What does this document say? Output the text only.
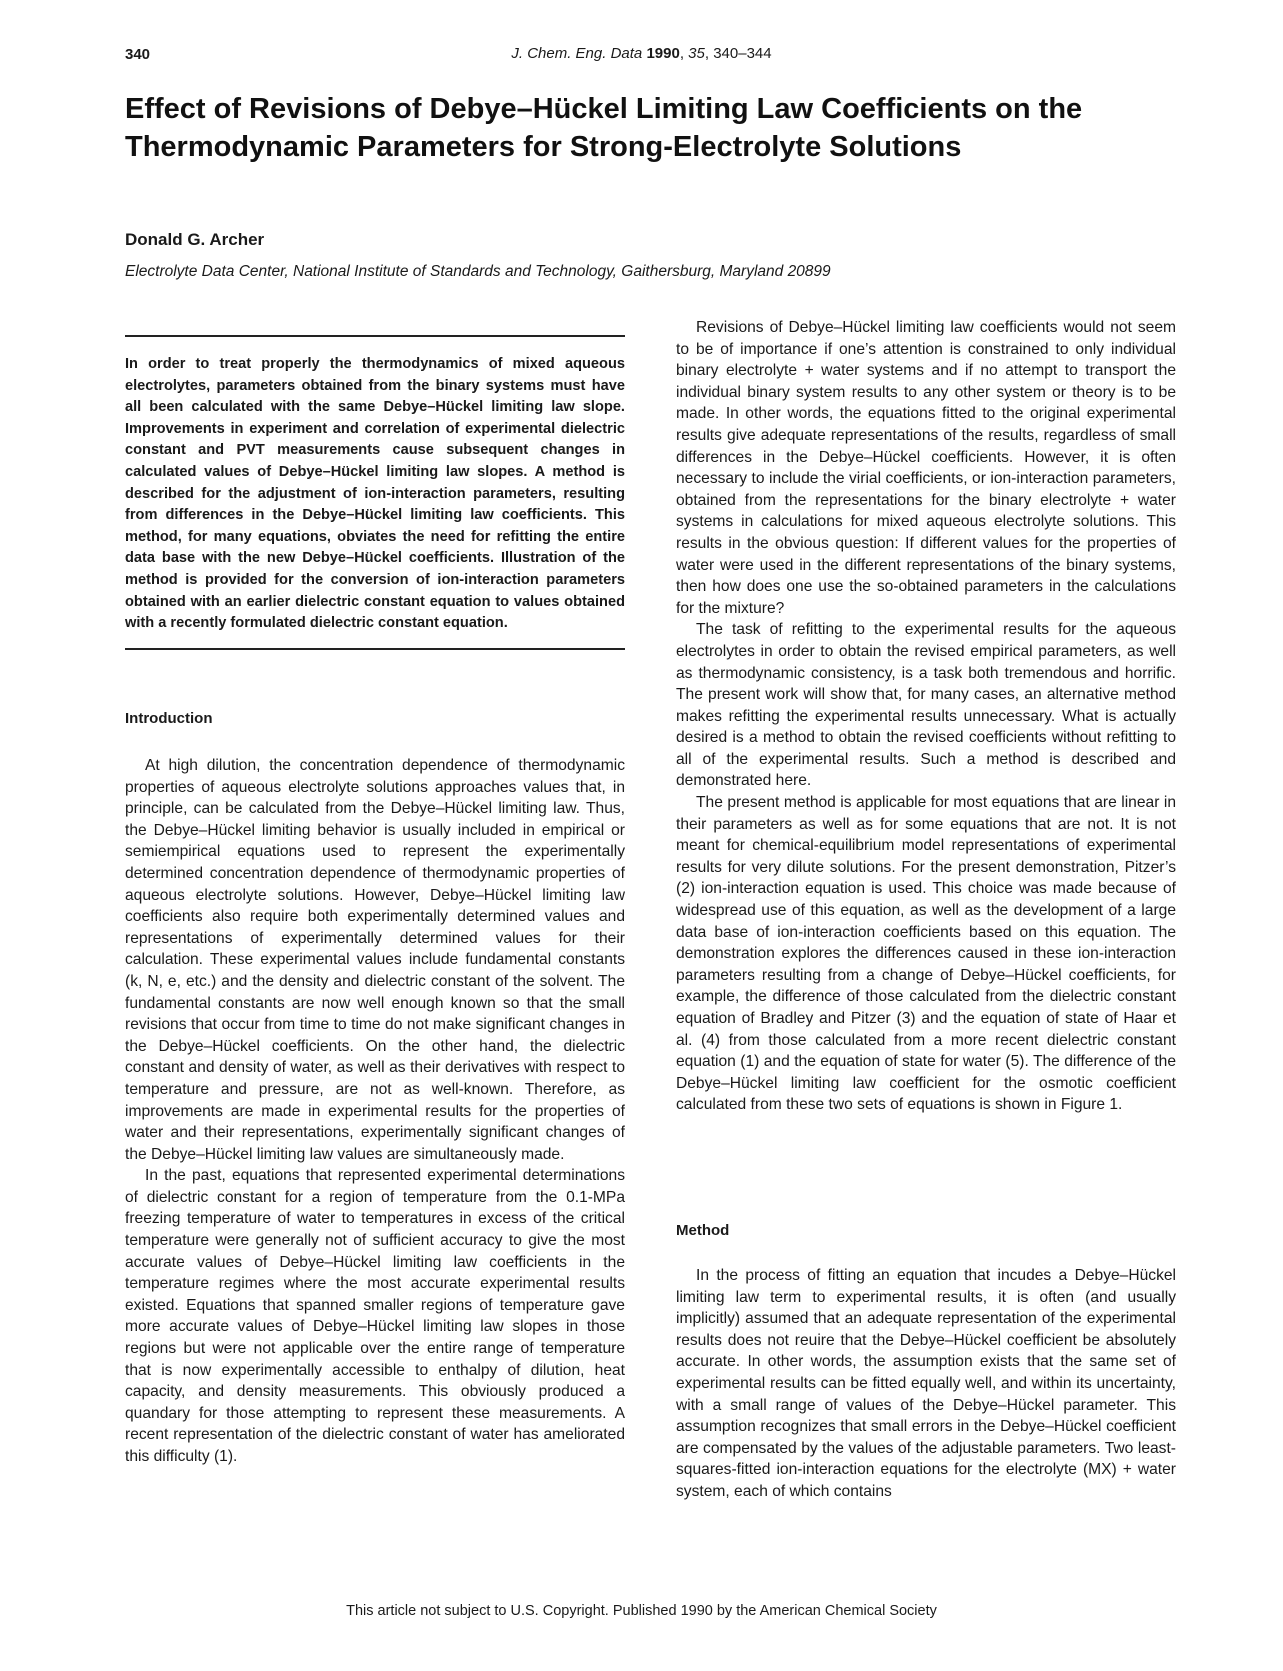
340	J. Chem. Eng. Data 1990, 35, 340–344
Effect of Revisions of Debye–Hückel Limiting Law Coefficients on the Thermodynamic Parameters for Strong-Electrolyte Solutions

Donald G. Archer

Electrolyte Data Center, National Institute of Standards and Technology, Gaithersburg, Maryland 20899

In order to treat properly the thermodynamics of mixed aqueous electrolytes, parameters obtained from the binary systems must have all been calculated with the same Debye–Hückel limiting law slope. Improvements in experiment and correlation of experimental dielectric constant and PVT measurements cause subsequent changes in calculated values of Debye–Hückel limiting law slopes. A method is described for the adjustment of ion-interaction parameters, resulting from differences in the Debye–Hückel limiting law coefficients. This method, for many equations, obviates the need for refitting the entire data base with the new Debye–Hückel coefficients. Illustration of the method is provided for the conversion of ion-interaction parameters obtained with an earlier dielectric constant equation to values obtained with a recently formulated dielectric constant equation.

Introduction

At high dilution, the concentration dependence of thermodynamic properties of aqueous electrolyte solutions approaches values that, in principle, can be calculated from the Debye–Hückel limiting law. Thus, the Debye–Hückel limiting behavior is usually included in empirical or semiempirical equations used to represent the experimentally determined concentration dependence of thermodynamic properties of aqueous electrolyte solutions. However, Debye–Hückel limiting law coefficients also require both experimentally determined values and representations of experimentally determined values for their calculation. These experimental values include fundamental constants (k, N, e, etc.) and the density and dielectric constant of the solvent. The fundamental constants are now well enough known so that the small revisions that occur from time to time do not make significant changes in the Debye–Hückel coefficients. On the other hand, the dielectric constant and density of water, as well as their derivatives with respect to temperature and pressure, are not as well-known. Therefore, as improvements are made in experimental results for the properties of water and their representations, experimentally significant changes of the Debye–Hückel limiting law values are simultaneously made.

In the past, equations that represented experimental determinations of dielectric constant for a region of temperature from the 0.1-MPa freezing temperature of water to temperatures in excess of the critical temperature were generally not of sufficient accuracy to give the most accurate values of Debye–Hückel limiting law coefficients in the temperature regimes where the most accurate experimental results existed. Equations that spanned smaller regions of temperature gave more accurate values of Debye–Hückel limiting law slopes in those regions but were not applicable over the entire range of temperature that is now experimentally accessible to enthalpy of dilution, heat capacity, and density measurements. This obviously produced a quandary for those attempting to represent these measurements. A recent representation of the dielectric constant of water has ameliorated this difficulty (1).

Revisions of Debye–Hückel limiting law coefficients would not seem to be of importance if one’s attention is constrained to only individual binary electrolyte + water systems and if no attempt to transport the individual binary system results to any other system or theory is to be made. In other words, the equations fitted to the original experimental results give adequate representations of the results, regardless of small differences in the Debye–Hückel coefficients. However, it is often necessary to include the virial coefficients, or ion-interaction parameters, obtained from the representations for the binary electrolyte + water systems in calculations for mixed aqueous electrolyte solutions. This results in the obvious question: If different values for the properties of water were used in the different representations of the binary systems, then how does one use the so-obtained parameters in the calculations for the mixture?

The task of refitting to the experimental results for the aqueous electrolytes in order to obtain the revised empirical parameters, as well as thermodynamic consistency, is a task both tremendous and horrific. The present work will show that, for many cases, an alternative method makes refitting the experimental results unnecessary. What is actually desired is a method to obtain the revised coefficients without refitting to all of the experimental results. Such a method is described and demonstrated here.

The present method is applicable for most equations that are linear in their parameters as well as for some equations that are not. It is not meant for chemical-equilibrium model representations of experimental results for very dilute solutions. For the present demonstration, Pitzer’s (2) ion-interaction equation is used. This choice was made because of widespread use of this equation, as well as the development of a large data base of ion-interaction coefficients based on this equation. The demonstration explores the differences caused in these ion-interaction parameters resulting from a change of Debye–Hückel coefficients, for example, the difference of those calculated from the dielectric constant equation of Bradley and Pitzer (3) and the equation of state of Haar et al. (4) from those calculated from a more recent dielectric constant equation (1) and the equation of state for water (5). The difference of the Debye–Hückel limiting law coefficient for the osmotic coefficient calculated from these two sets of equations is shown in Figure 1.

Method

In the process of fitting an equation that incudes a Debye–Hückel limiting law term to experimental results, it is often (and usually implicitly) assumed that an adequate representation of the experimental results does not reuire that the Debye–Hückel coefficient be absolutely accurate. In other words, the assumption exists that the same set of experimental results can be fitted equally well, and within its uncertainty, with a small range of values of the Debye–Hückel parameter. This assumption recognizes that small errors in the Debye–Hückel coefficient are compensated by the values of the adjustable parameters. Two least-squares-fitted ion-interaction equations for the electrolyte (MX) + water system, each of which contains

This article not subject to U.S. Copyright. Published 1990 by the American Chemical Society
